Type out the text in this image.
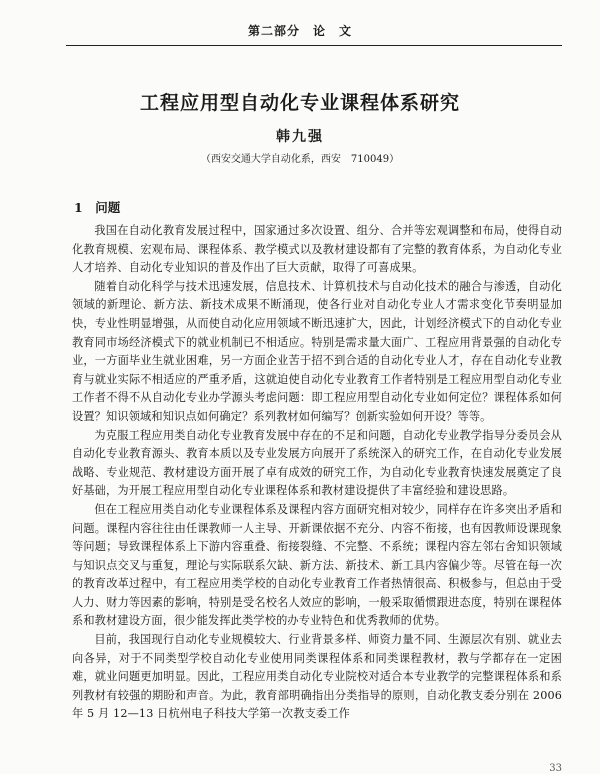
第二部分　论　文
工程应用型自动化专业课程体系研究
韩九强
（西安交通大学自动化系，西安　710049）
1　问题

我国在自动化教育发展过程中，国家通过多次设置、组分、合并等宏观调整和布局，使得自动化教育规模、宏观布局、课程体系、教学模式以及教材建设都有了完整的教育体系，为自动化专业人才培养、自动化专业知识的普及作出了巨大贡献，取得了可喜成果。

随着自动化科学与技术迅速发展，信息技术、计算机技术与自动化技术的融合与渗透，自动化领域的新理论、新方法、新技术成果不断涌现，使各行业对自动化专业人才需求变化节奏明显加快，专业性明显增强，从而使自动化应用领域不断迅速扩大，因此，计划经济模式下的自动化专业教育同市场经济模式下的就业机制已不相适应。特别是需求量大面广、工程应用背景强的自动化专业，一方面毕业生就业困难，另一方面企业苦于招不到合适的自动化专业人才，存在自动化专业教育与就业实际不相适应的严重矛盾，这就迫使自动化专业教育工作者特别是工程应用型自动化专业工作者不得不从自动化专业办学源头考虑问题：即工程应用型自动化专业如何定位？课程体系如何设置？知识领域和知识点如何确定？系列教材如何编写？创新实验如何开设？等等。

为克服工程应用类自动化专业教育发展中存在的不足和问题，自动化专业教学指导分委员会从自动化专业教育源头、教育本质以及专业发展方向展开了系统深入的研究工作，在自动化专业发展战略、专业规范、教材建设方面开展了卓有成效的研究工作，为自动化专业教育快速发展奠定了良好基础，为开展工程应用型自动化专业课程体系和教材建设提供了丰富经验和建设思路。

但在工程应用类自动化专业课程体系及课程内容方面研究相对较少，同样存在许多突出矛盾和问题。课程内容往往由任课教师一人主导、开新课依据不充分、内容不衔接，也有因教师设课现象等问题；导致课程体系上下游内容重叠、衔接裂缝、不完整、不系统；课程内容左邻右舍知识领域与知识点交叉与重复，理论与实际联系欠缺、新方法、新技术、新工具内容偏少等。尽管在每一次的教育改革过程中，有工程应用类学校的自动化专业教育工作者热情很高、积极参与，但总由于受人力、财力等因素的影响，特别是受名校名人效应的影响，一般采取循惯跟进态度，特别在课程体系和教材建设方面，很少能发挥此类学校的办专业特色和优秀教师的优势。

目前，我国现行自动化专业规模较大、行业背景多样、师资力量不同、生源层次有别、就业去向各异，对于不同类型学校自动化专业使用同类课程体系和同类课程教材，教与学都存在一定困难，就业问题更加明显。因此，工程应用类自动化专业院校对适合本专业教学的完整课程体系和系列教材有较强的期盼和声音。为此，教育部明确指出分类指导的原则，自动化教支委分别在 2006 年 5 月 12—13 日杭州电子科技大学第一次教支委工作

33
